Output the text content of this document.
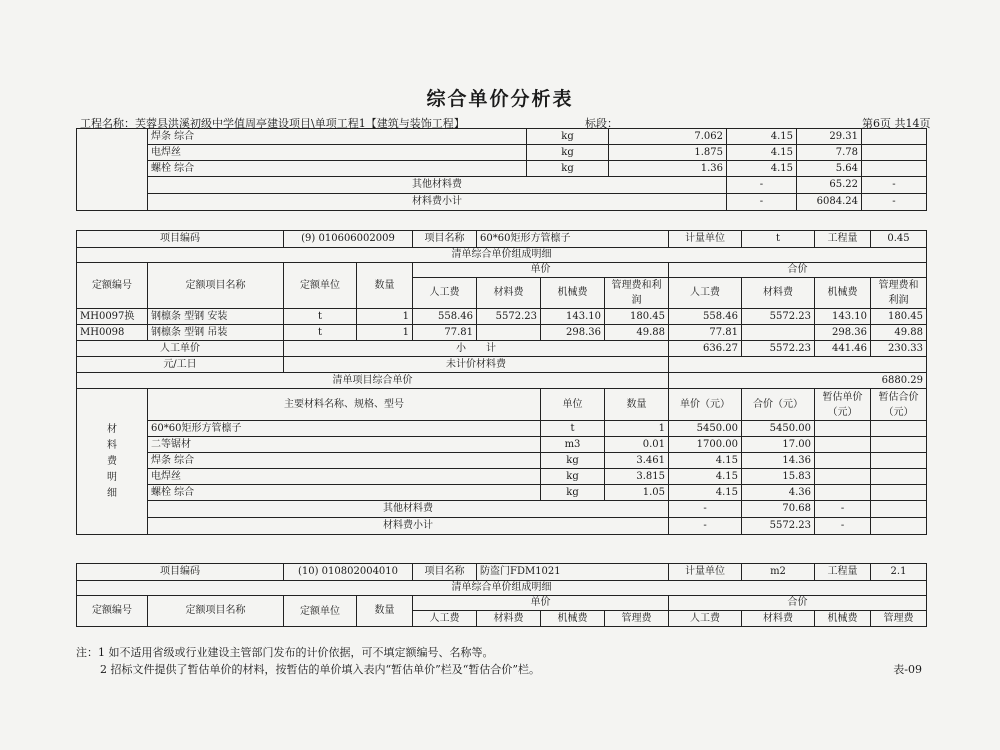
综合单价分析表
工程名称：芙蓉县洪溪初级中学值周亭建设项目\单项工程1【建筑与装饰工程】	标段：	第6页 共14页
	焊条 综合	kg	7.062	4.15	29.31		
	电焊丝	kg	1.875	4.15	7.78		
	螺栓 综合	kg	1.36	4.15	5.64		
	其他材料费			-	65.22	-	
	材料费小计			-	6084.24	-	
项目编码		(9) 010606002009		项目名称	60*60矩形方管檩子			计量单位	t	工程量	0.45
清单综合单价组成明细											
定额编号	定额项目名称	定额单位	数量	单价				合价			
				人工费	材料费	机械费	管理费和利润	人工费	材料费	机械费	管理费和利润
MH0097换	钢檩条 型钢 安装	t	1	558.46	5572.23	143.10	180.45	558.46	5572.23	143.10	180.45
MH0098	钢檩条 型钢 吊装	t	1	77.81		298.36	49.88	77.81		298.36	49.88
人工单价		小　　计						636.27	5572.23	441.46	230.33
元/工日		未计价材料费									
清单项目综合单价								6880.29			

材料费明细	主要材料名称、规格、型号					单位	数量	单价（元）	合价（元）	暂估单价（元）	暂估合价（元）
	60*60矩形方管檩子					t	1	5450.00	5450.00		
	二等锯材					m3	0.01	1700.00	17.00		
	焊条 综合					kg	3.461	4.15	14.36		
	电焊丝					kg	3.815	4.15	15.83		
	螺栓 综合					kg	1.05	4.15	4.36		
	其他材料费							-	70.68	-	
	材料费小计							-	5572.23	-	
项目编码		(10) 010802004010		项目名称	防盗门FDM1021			计量单位	m2	工程量	2.1
清单综合单价组成明细											
定额编号	定额项目名称	定额单位	数量	单价				合价			
				人工费	材料费	机械费	管理费	人工费	材料费	机械费	管理费
注：1 如不适用省级或行业建设主管部门发布的计价依据，可不填定额编号、名称等。
2 招标文件提供了暂估单价的材料，按暂估的单价填入表内“暂估单价”栏及“暂估合价”栏。	表-09
